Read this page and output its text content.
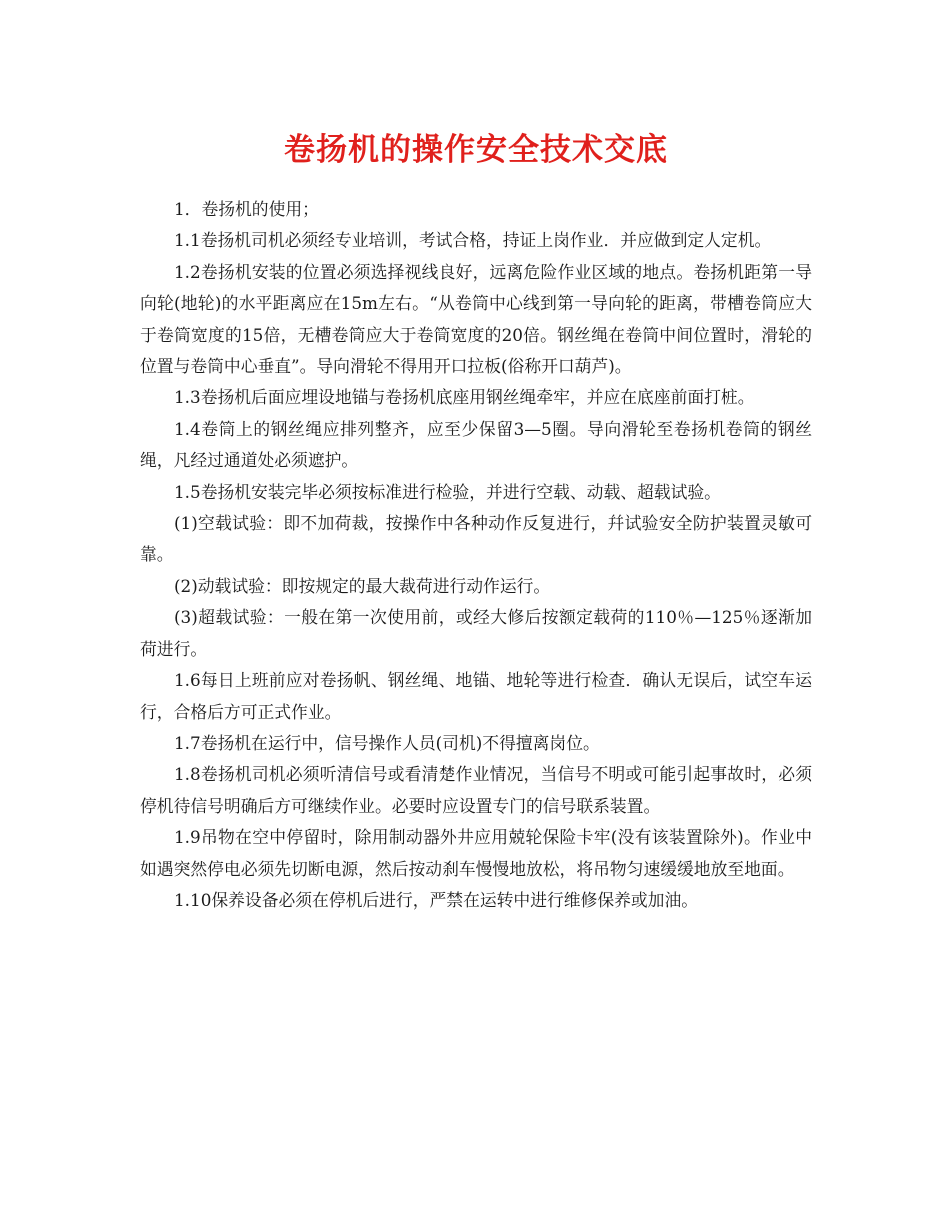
卷扬机的操作安全技术交底

1．卷扬机的使用；

1.1卷扬机司机必须经专业培训，考试合格，持证上岗作业．并应做到定人定机。

1.2卷扬机安装的位置必须选择视线良好，远离危险作业区域的地点。卷扬机距第一导向轮(地轮)的水平距离应在15m左右。“从卷筒中心线到第一导向轮的距离，带槽卷筒应大于卷筒宽度的15倍，无槽卷筒应大于卷筒宽度的20倍。钢丝绳在卷筒中间位置时，滑轮的位置与卷筒中心垂直”。导向滑轮不得用开口拉板(俗称开口葫芦)。

1.3卷扬机后面应埋设地锚与卷扬机底座用钢丝绳牵牢，并应在底座前面打桩。

1.4卷筒上的钢丝绳应排列整齐，应至少保留3—5圈。导向滑轮至卷扬机卷筒的钢丝绳，凡经过通道处必须遮护。

1.5卷扬机安装完毕必须按标准进行检验，并进行空载、动载、超载试验。

(1)空载试验：即不加荷裁，按操作中各种动作反复进行，幷试验安全防护装置灵敏可靠。

(2)动载试验：即按规定的最大裁荷进行动作运行。

(3)超载试验：一般在第一次使用前，或经大修后按额定载荷的110％—125％逐渐加荷进行。

1.6每日上班前应对卷扬帆、钢丝绳、地锚、地轮等进行检查．确认无误后，试空车运行，合格后方可正式作业。

1.7卷扬机在运行中，信号操作人员(司机)不得擅离岗位。

1.8卷扬机司机必须听清信号或看清楚作业情况，当信号不明或可能引起事故时，必须停机待信号明确后方可继续作业。必要时应设置专门的信号联系装置。

1.9吊物在空中停留时，除用制动器外井应用兢轮保险卡牢(没有该装置除外)。作业中如遇突然停电必须先切断电源，然后按动刹车慢慢地放松，将吊物匀速缓缓地放至地面。

1.10保养设备必须在停机后进行，严禁在运转中进行维修保养或加油。
